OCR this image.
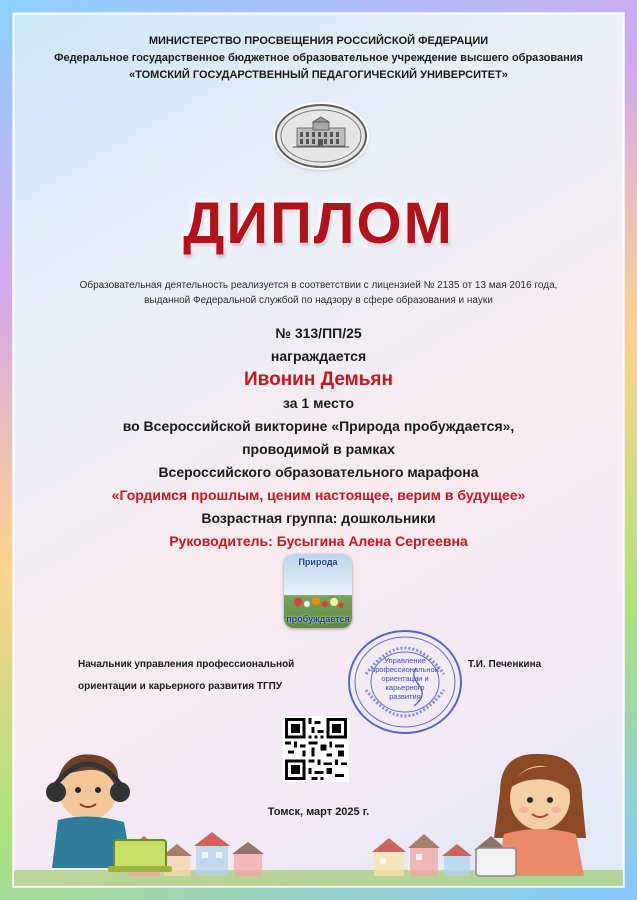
МИНИСТЕРСТВО ПРОСВЕЩЕНИЯ РОССИЙСКОЙ ФЕДЕРАЦИИ
Федеральное государственное бюджетное образовательное учреждение высшего образования
«ТОМСКИЙ ГОСУДАРСТВЕННЫЙ ПЕДАГОГИЧЕСКИЙ УНИВЕРСИТЕТ»
ДИПЛОМ
Образовательная деятельность реализуется в соответствии с лицензией № 2135 от 13 мая 2016 года,
выданной Федеральной службой по надзору в сфере образования и науки
№ 313/ПП/25
награждается
Ивонин Демьян
за 1 место
во Всероссийской викторине «Природа пробуждается»,
проводимой в рамках
Всероссийского образовательного марафона
«Гордимся прошлым, ценим настоящее, верим в будущее»
Возрастная группа: дошкольники
Руководитель: Бусыгина Алена Сергеевна
Природа
пробуждается
Начальник управления профессиональной
ориентации и карьерного развития ТГПУ
Т.И. Печенкина
Управление
профессиональной
ориентации и
карьерного
развития
Томск, март 2025 г.
